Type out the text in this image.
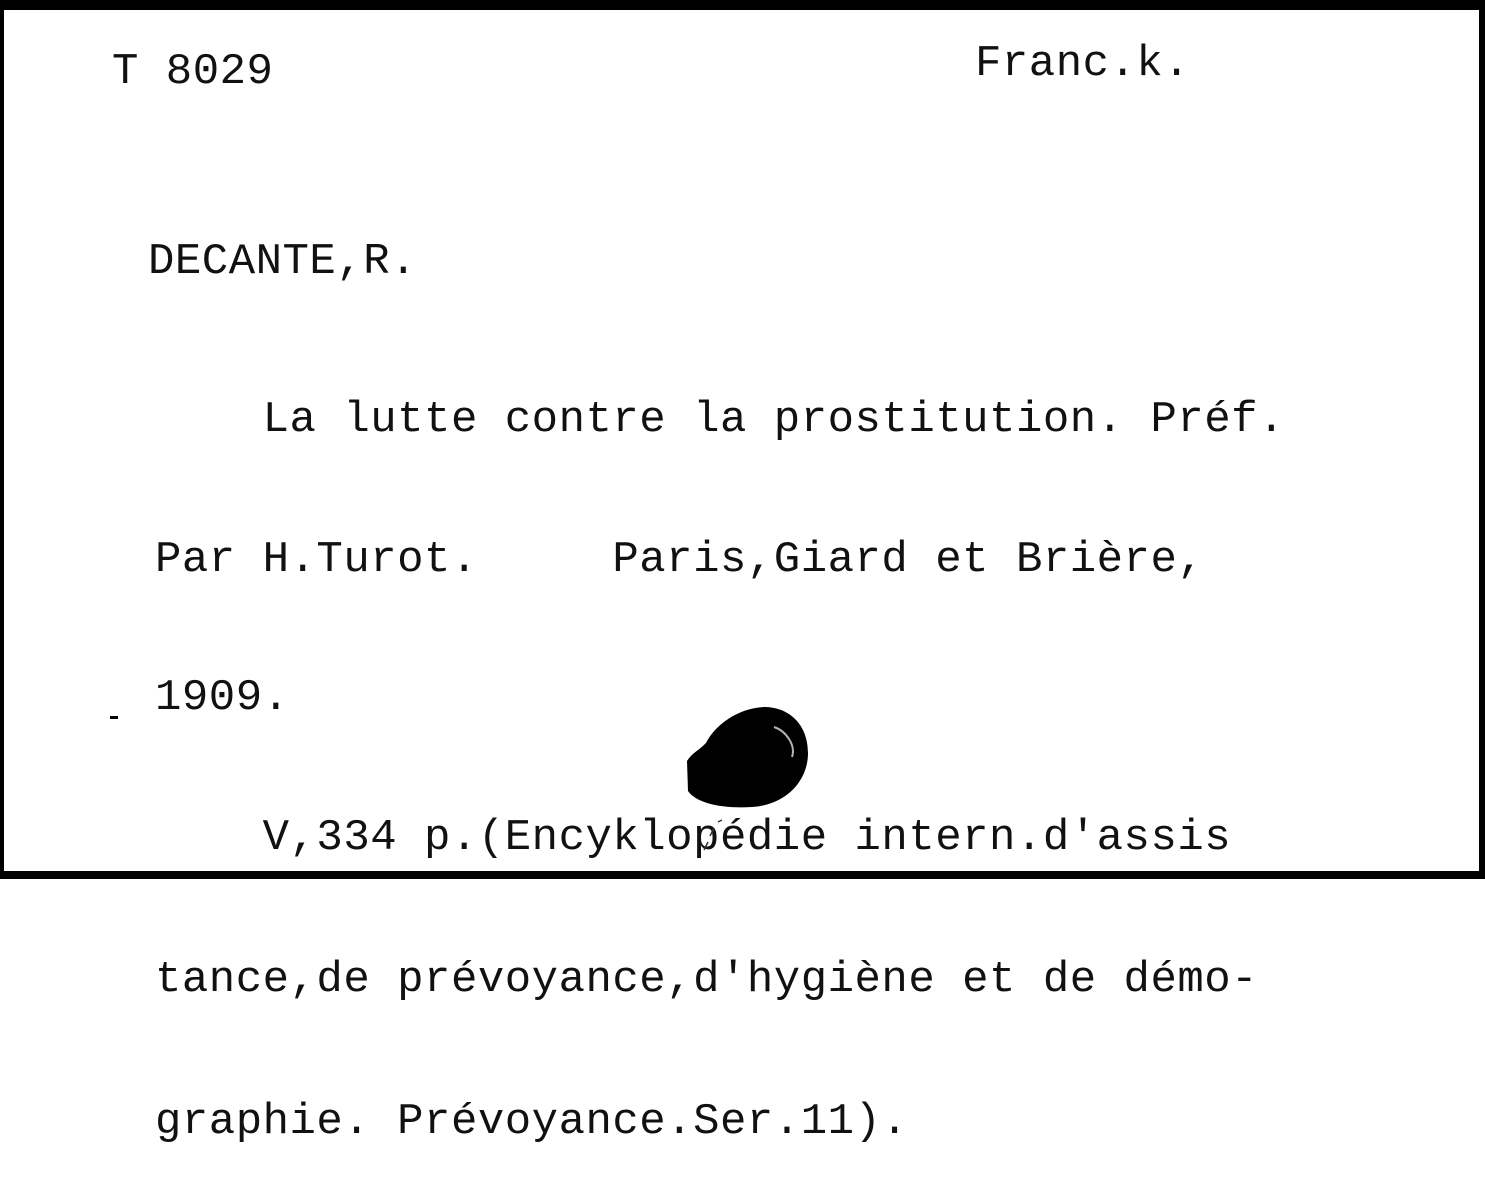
T 8029	Franc.k.
DECANTE,R.

La lutte contre la prostitution. Préf.

Par H.Turot.     Paris,Giard et Brière,

1909.

V,334 p.(Encyklopédie intern.d'assis

tance,de prévoyance,d'hygiène et de démo-

graphie. Prévoyance.Ser.11).
